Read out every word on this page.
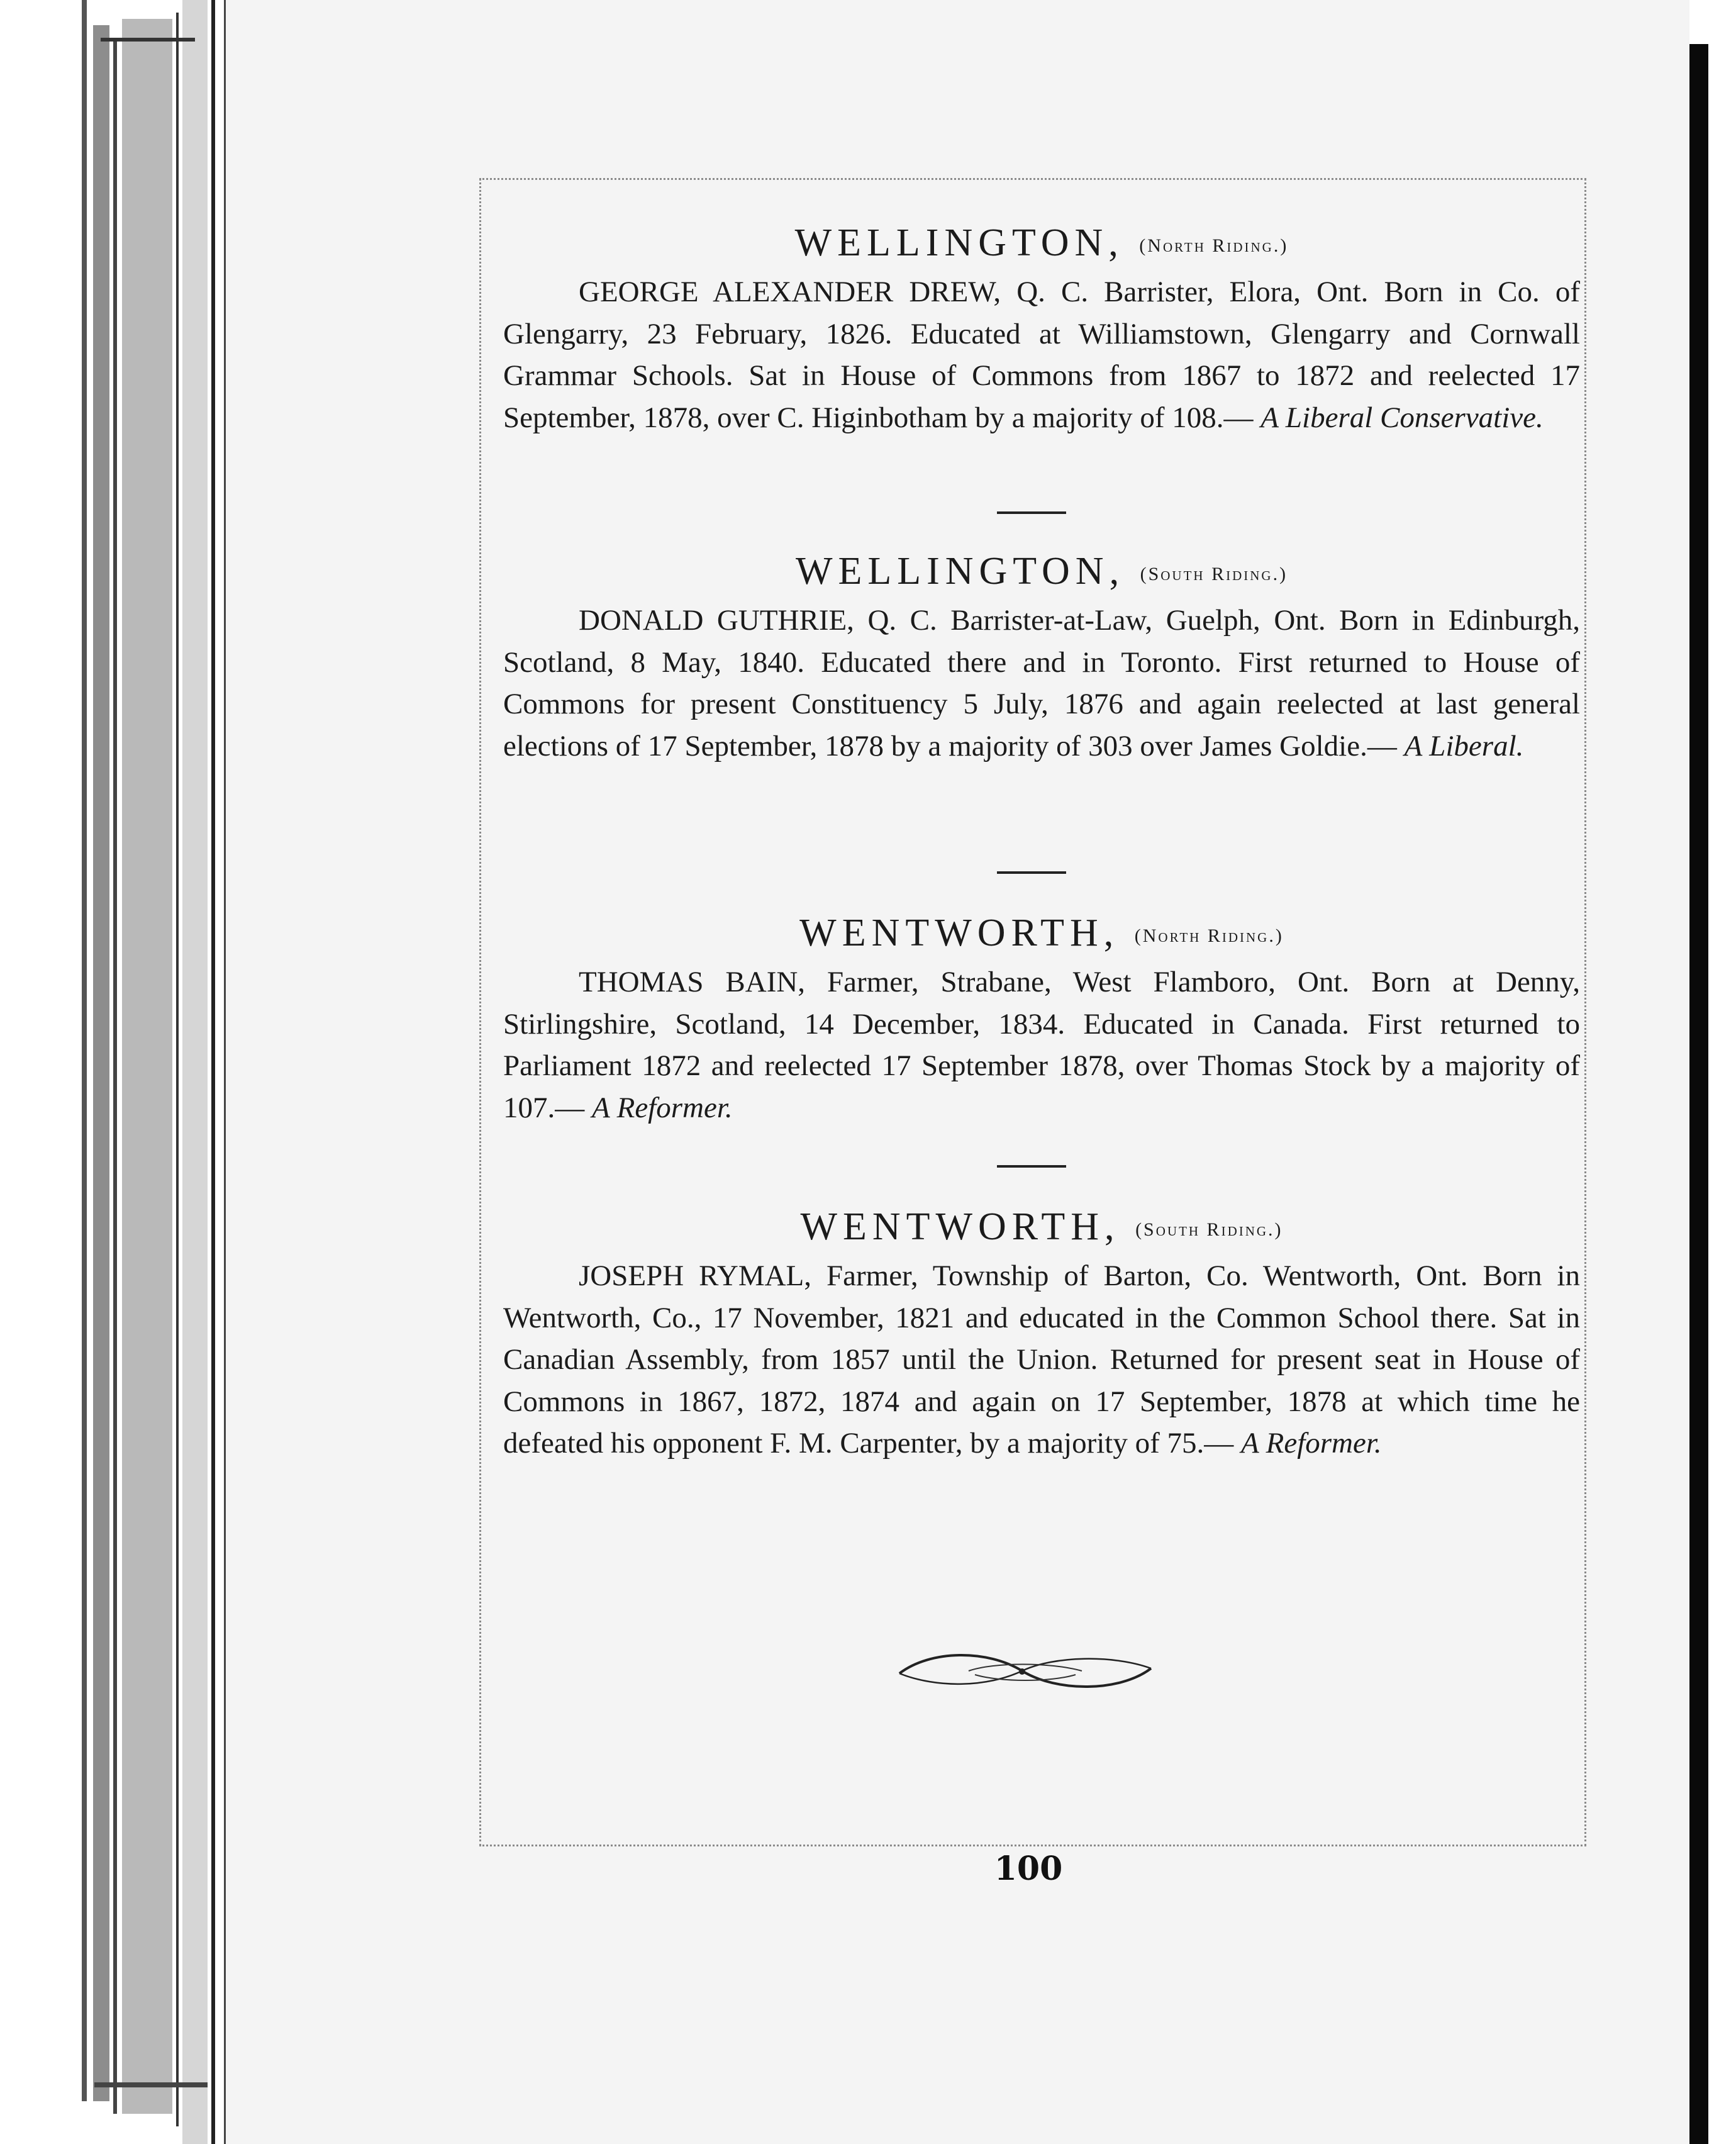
WELLINGTON, (North Riding.)

GEORGE ALEXANDER DREW, Q. C. Barrister, Elora, Ont. Born in Co. of Glengarry, 23 February, 1826. Educated at Williamstown, Glengarry and Cornwall Grammar Schools. Sat in House of Commons from 1867 to 1872 and reelected 17 September, 1878, over C. Higinbotham by a majority of 108.— A Liberal Conservative.

WELLINGTON, (South Riding.)

DONALD GUTHRIE, Q. C. Barrister-at-Law, Guelph, Ont. Born in Edinburgh, Scotland, 8 May, 1840. Educated there and in Toronto. First returned to House of Commons for present Constituency 5 July, 1876 and again reelected at last general elections of 17 September, 1878 by a majority of 303 over James Goldie.— A Liberal.

WENTWORTH, (North Riding.)

THOMAS BAIN, Farmer, Strabane, West Flamboro, Ont. Born at Denny, Stirlingshire, Scotland, 14 December, 1834. Educated in Canada. First returned to Parliament 1872 and reelected 17 September 1878, over Thomas Stock by a majority of 107.— A Reformer.

WENTWORTH, (South Riding.)

JOSEPH RYMAL, Farmer, Township of Barton, Co. Wentworth, Ont. Born in Wentworth, Co., 17 November, 1821 and educated in the Common School there. Sat in Canadian Assembly, from 1857 until the Union. Returned for present seat in House of Commons in 1867, 1872, 1874 and again on 17 September, 1878 at which time he defeated his opponent F. M. Carpenter, by a majority of 75.— A Reformer.

100
